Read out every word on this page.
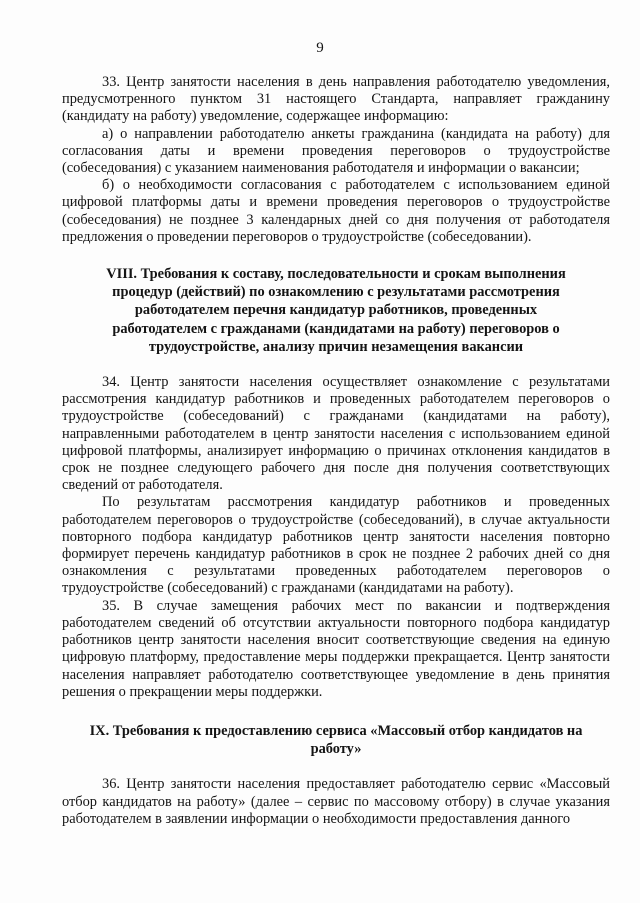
9

33. Центр занятости населения в день направления работодателю уведомления, предусмотренного пунктом 31 настоящего Стандарта, направляет гражданину (кандидату на работу) уведомление, содержащее информацию:

а) о направлении работодателю анкеты гражданина (кандидата на работу) для согласования даты и времени проведения переговоров о трудоустройстве (собеседования) с указанием наименования работодателя и информации о вакансии;

б) о необходимости согласования с работодателем с использованием единой цифровой платформы даты и времени проведения переговоров о трудоустройстве (собеседования) не позднее 3 календарных дней со дня получения от работодателя предложения о проведении переговоров о трудоустройстве (собеседовании).

VIII. Требования к составу, последовательности и срокам выполнения процедур (действий) по ознакомлению с результатами рассмотрения работодателем перечня кандидатур работников, проведенных работодателем с гражданами (кандидатами на работу) переговоров о трудоустройстве, анализу причин незамещения вакансии

34. Центр занятости населения осуществляет ознакомление с результатами рассмотрения кандидатур работников и проведенных работодателем переговоров о трудоустройстве (собеседований) с гражданами (кандидатами на работу), направленными работодателем в центр занятости населения с использованием единой цифровой платформы, анализирует информацию о причинах отклонения кандидатов в срок не позднее следующего рабочего дня после дня получения соответствующих сведений от работодателя.

По результатам рассмотрения кандидатур работников и проведенных работодателем переговоров о трудоустройстве (собеседований), в случае актуальности повторного подбора кандидатур работников центр занятости населения повторно формирует перечень кандидатур работников в срок не позднее 2 рабочих дней со дня ознакомления с результатами проведенных работодателем переговоров о трудоустройстве (собеседований) с гражданами (кандидатами на работу).

35. В случае замещения рабочих мест по вакансии и подтверждения работодателем сведений об отсутствии актуальности повторного подбора кандидатур работников центр занятости населения вносит соответствующие сведения на единую цифровую платформу, предоставление меры поддержки прекращается. Центр занятости населения направляет работодателю соответствующее уведомление в день принятия решения о прекращении меры поддержки.

IX. Требования к предоставлению сервиса «Массовый отбор кандидатов на работу»

36. Центр занятости населения предоставляет работодателю сервис «Массовый отбор кандидатов на работу» (далее – сервис по массовому отбору) в случае указания работодателем в заявлении информации о необходимости предоставления данного
